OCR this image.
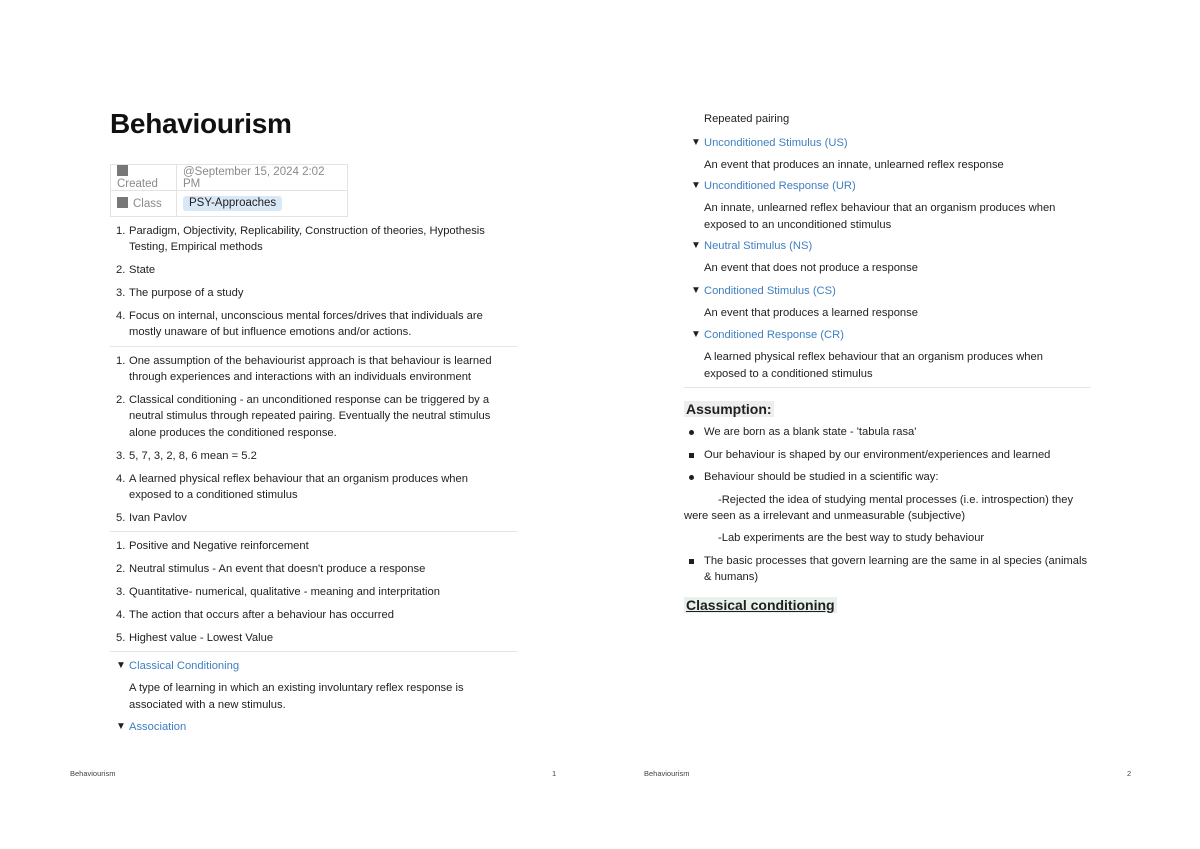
Behaviourism
Created	@September 15, 2024 2:02 PM
Class	PSY-Approaches
1. Paradigm, Objectivity, Replicability, Construction of theories, Hypothesis Testing, Empirical methods
2. State
3. The purpose of a study
4. Focus on internal, unconscious mental forces/drives that individuals are mostly unaware of but influence emotions and/or actions.
1. One assumption of the behaviourist approach is that behaviour is learned through experiences and interactions with an individuals environment
2. Classical conditioning - an unconditioned response can be triggered by a neutral stimulus through repeated pairing. Eventually the neutral stimulus alone produces the conditioned response.
3. 5, 7, 3, 2, 8, 6 mean = 5.2
4. A learned physical reflex behaviour that an organism produces when exposed to a conditioned stimulus
5. Ivan Pavlov
1. Positive and Negative reinforcement
2. Neutral stimulus - An event that doesn't produce a response
3. Quantitative- numerical, qualitative - meaning and interpritation
4. The action that occurs after a behaviour has occurred
5. Highest value - Lowest Value
▼ Classical Conditioning
A type of learning in which an existing involuntary reflex response is associated with a new stimulus.
▼ Association
Behaviourism	1
Repeated pairing
▼ Unconditioned Stimulus (US)
An event that produces an innate, unlearned reflex response
▼ Unconditioned Response (UR)
An innate, unlearned reflex behaviour that an organism produces when exposed to an unconditioned stimulus
▼ Neutral Stimulus (NS)
An event that does not produce a response
▼ Conditioned Stimulus (CS)
An event that produces a learned response
▼ Conditioned Response (CR)
A learned physical reflex behaviour that an organism produces when exposed to a conditioned stimulus
Assumption:
We are born as a blank state - 'tabula rasa'
Our behaviour is shaped by our environment/experiences and learned
Behaviour should be studied in a scientific way:
-Rejected the idea of studying mental processes (i.e. introspection) they were seen as a irrelevant and unmeasurable (subjective)
-Lab experiments are the best way to study behaviour
The basic processes that govern learning are the same in al species (animals & humans)
Classical conditioning
Behaviourism	2
